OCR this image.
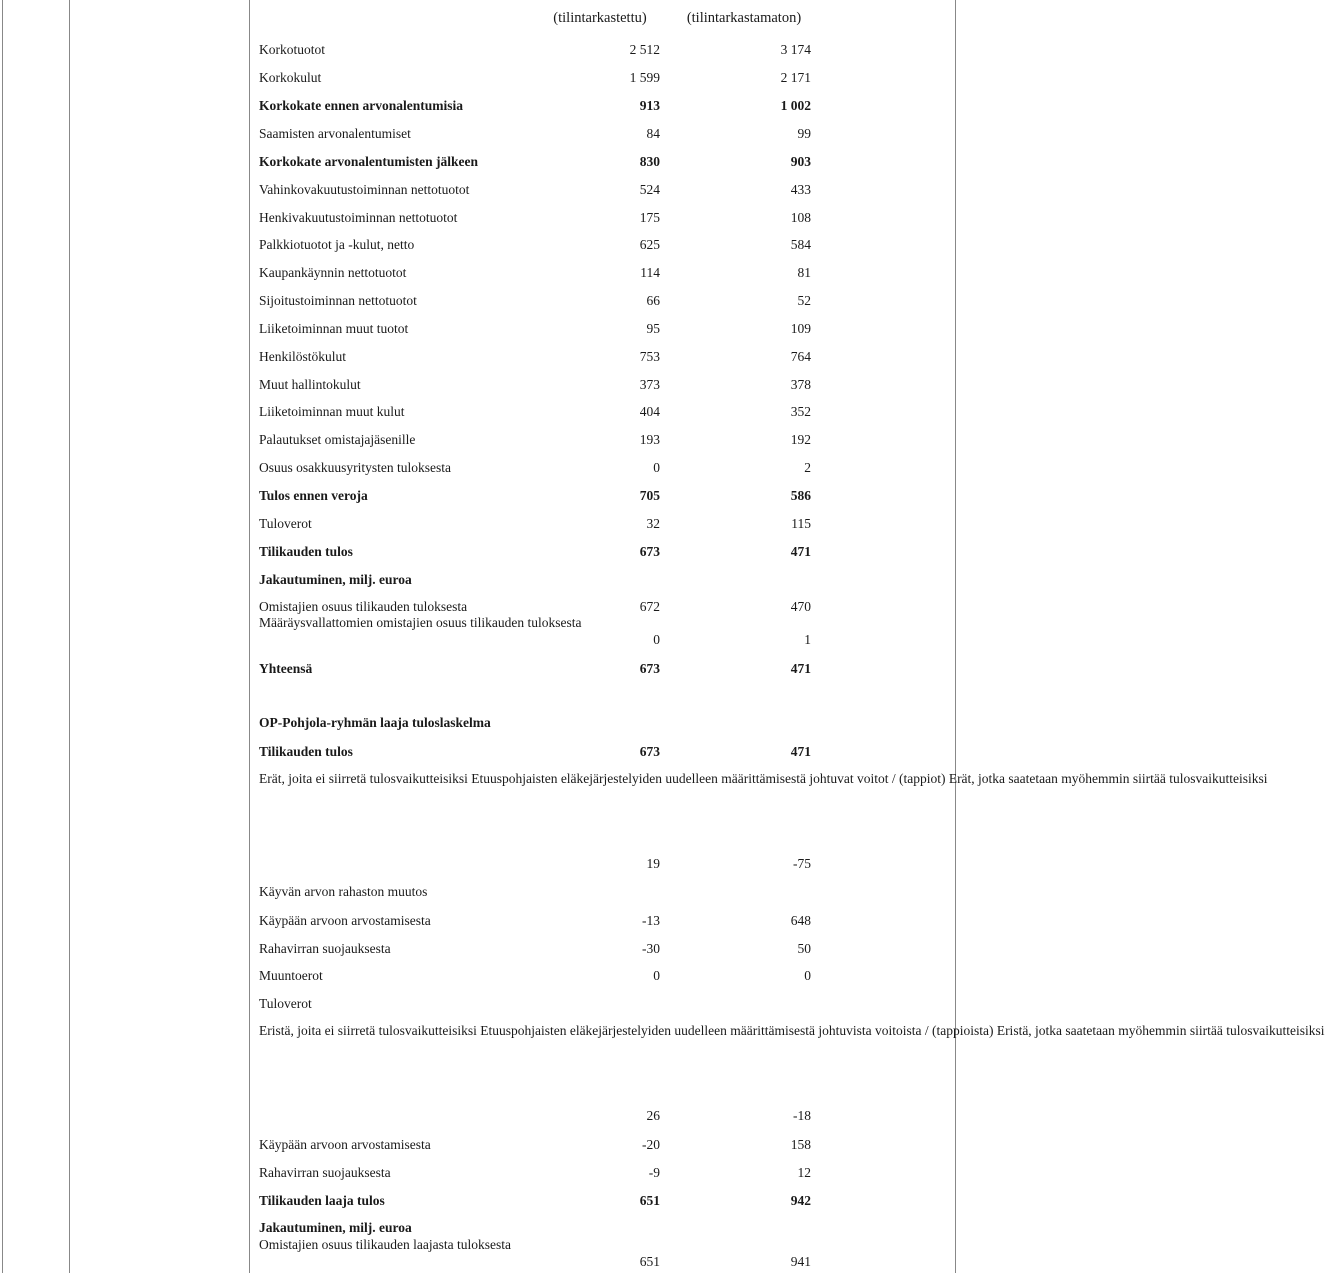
(tilintarkastettu)	(tilintarkastamaton)
Korkotuotot	2 512	3 174
Korkokulut	1 599	2 171
Korkokate ennen arvonalentumisia	913	1 002
Saamisten arvonalentumiset	84	99
Korkokate arvonalentumisten jälkeen	830	903
Vahinkovakuutustoiminnan nettotuotot	524	433
Henkivakuutustoiminnan nettotuotot	175	108
Palkkiotuotot ja -kulut, netto	625	584
Kaupankäynnin nettotuotot	114	81
Sijoitustoiminnan nettotuotot	66	52
Liiketoiminnan muut tuotot	95	109
Henkilöstökulut	753	764
Muut hallintokulut	373	378
Liiketoiminnan muut kulut	404	352
Palautukset omistajajäsenille	193	192
Osuus osakkuusyritysten tuloksesta	0	2
Tulos ennen veroja	705	586
Tuloverot	32	115
Tilikauden tulos	673	471
Jakautuminen, milj. euroa
Omistajien osuus tilikauden tuloksesta	672	470
Määräysvallattomien omistajien osuus tilikauden tuloksesta
0	1
Yhteensä	673	471
OP-Pohjola-ryhmän laaja tuloslaskelma
Tilikauden tulos	673	471
Erät, joita ei siirretä tulosvaikutteisiksi Etuuspohjaisten eläkejärjestelyiden uudelleen määrittämisestä johtuvat voitot / (tappiot) Erät, jotka saatetaan myöhemmin siirtää tulosvaikutteisiksi
19	-75
Käyvän arvon rahaston muutos
Käypään arvoon arvostamisesta	-13	648
Rahavirran suojauksesta	-30	50
Muuntoerot	0	0
Tuloverot
Eristä, joita ei siirretä tulosvaikutteisiksi Etuuspohjaisten eläkejärjestelyiden uudelleen määrittämisestä johtuvista voitoista / (tappioista) Eristä, jotka saatetaan myöhemmin siirtää tulosvaikutteisiksi
26	-18
Käypään arvoon arvostamisesta	-20	158
Rahavirran suojauksesta	-9	12
Tilikauden laaja tulos	651	942
Jakautuminen, milj. euroa
Omistajien osuus tilikauden laajasta tuloksesta
651	941
